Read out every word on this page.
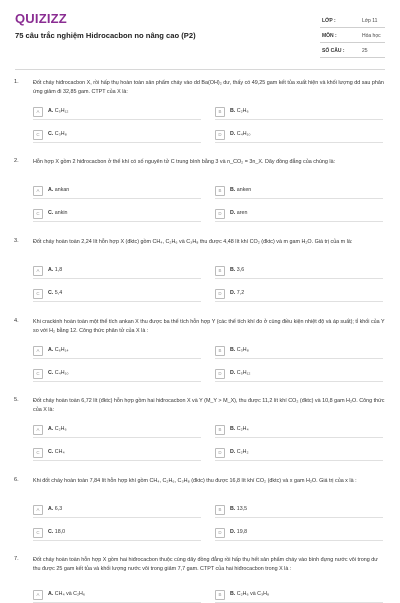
QUIZIZZ
75 câu trắc nghiệm Hidrocacbon no nâng cao (P2)
LỚP :	Lớp 11
MÔN :	Hóa học
SỐ CÂU :	25
1.	Đốt cháy hiđrocacbon X, rồi hấp thụ hoàn toàn sản phẩm cháy vào dd Ba(OH)₂ dư, thấy có 49,25 gam kết tủa xuất hiện và khối lượng dd sau phản ứng giảm đi 32,85 gam. CTPT của X là:
A	A. C₅H₁₂	B	B. C₂H₆
C	C. C₃H₈	D	D. C₄H₁₀
2.	Hỗn hợp X gồm 2 hiđrocacbon ở thể khí có số nguyên tử C trung bình bằng 3 và n_CO₂ = 3n_X. Dãy đồng đẳng của chúng là:
A	A. ankan	B	B. anken
C	C. ankin	D	D. aren
3.	Đốt cháy hoàn toàn 2,24 lít hỗn hợp X (đktc) gồm CH₄, C₂H₆ và C₃H₈ thu được 4,48 lít khí CO₂ (đktc) và m gam H₂O. Giá trị của m là:
A	A. 1,8	B	B. 3,6
C	C. 5,4	D	D. 7,2
4.	Khi crackinh hoàn toàn một thể tích ankan X thu được ba thể tích hỗn hợp Y (các thể tích khí đo ở cùng điều kiện nhiệt độ và áp suất); tỉ khối của Y so với H₂ bằng 12. Công thức phân tử của X là :
A	A. C₆H₁₄	B	B. C₃H₈
C	C. C₄H₁₀	D	D. C₅H₁₂
5.	Đốt cháy hoàn toàn 6,72 lít (đktc) hỗn hợp gồm hai hiđrocacbon X và Y (M_Y > M_X), thu được 11,2 lít khí CO₂ (đktc) và 10,8 gam H₂O. Công thức của X là:
A	A. C₂H₆	B	B. C₂H₄
C	C. CH₄	D	D. C₂H₂
6.	Khi đốt cháy hoàn toàn 7,84 lít hỗn hợp khí gồm CH₄, C₂H₆, C₃H₈ (đktc) thu được 16,8 lít khí CO₂ (đktc) và x gam H₂O. Giá trị của x là :
A	A. 6,3	B	B. 13,5
C	C. 18,0	D	D. 19,8
7.	Đốt cháy hoàn toàn hỗn hợp X gồm hai hiđrocacbon thuộc cùng dãy đồng đẳng rồi hấp thụ hết sản phẩm cháy vào bình đựng nước vôi trong dư thu được 25 gam kết tủa và khối lượng nước vôi trong giảm 7,7 gam. CTPT của hai hiđrocacbon trong X là :
A	A. CH₄ và C₂H₆	B	B. C₂H₆ và C₃H₈
